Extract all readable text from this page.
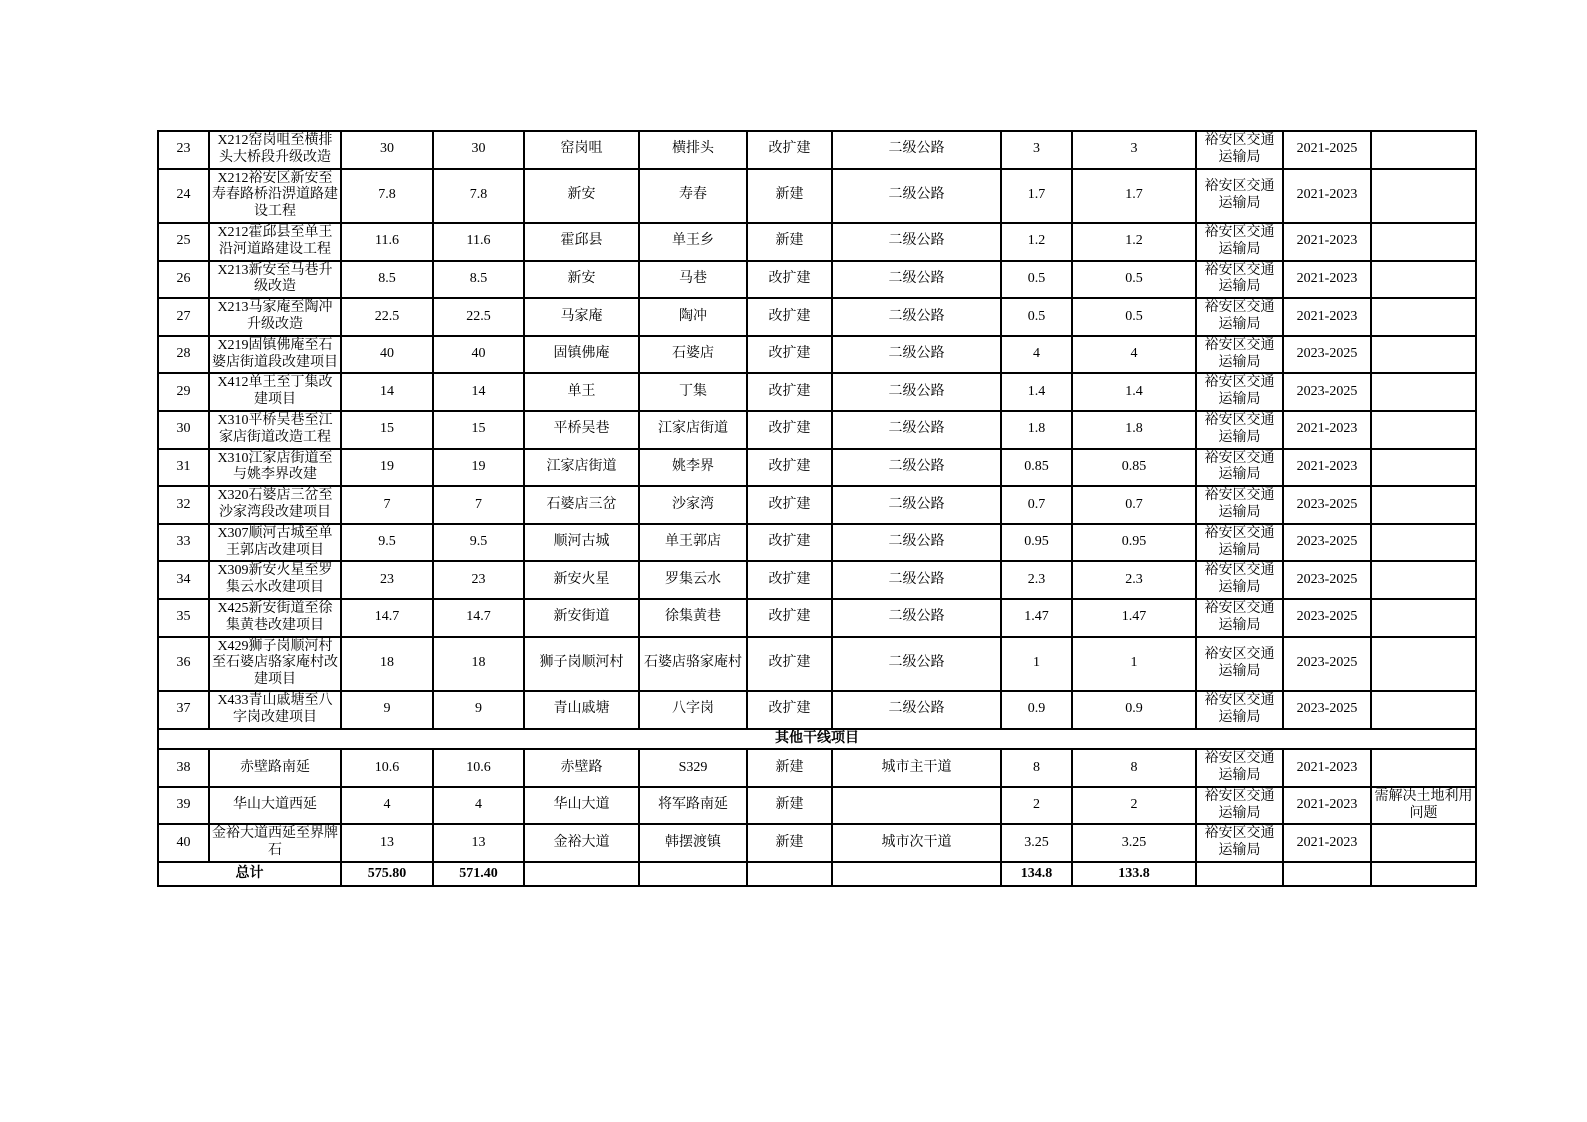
23	X212窑岗咀至横排头大桥段升级改造	30	30	窑岗咀	横排头	改扩建	二级公路	3	3	裕安区交通运输局	2021-2025	
24	X212裕安区新安至寿春路桥沿淠道路建设工程	7.8	7.8	新安	寿春	新建	二级公路	1.7	1.7	裕安区交通运输局	2021-2023	
25	X212霍邱县至单王沿河道路建设工程	11.6	11.6	霍邱县	单王乡	新建	二级公路	1.2	1.2	裕安区交通运输局	2021-2023	
26	X213新安至马巷升级改造	8.5	8.5	新安	马巷	改扩建	二级公路	0.5	0.5	裕安区交通运输局	2021-2023	
27	X213马家庵至陶冲升级改造	22.5	22.5	马家庵	陶冲	改扩建	二级公路	0.5	0.5	裕安区交通运输局	2021-2023	
28	X219固镇佛庵至石婆店街道段改建项目	40	40	固镇佛庵	石婆店	改扩建	二级公路	4	4	裕安区交通运输局	2023-2025	
29	X412单王至丁集改建项目	14	14	单王	丁集	改扩建	二级公路	1.4	1.4	裕安区交通运输局	2023-2025	
30	X310平桥吴巷至江家店街道改造工程	15	15	平桥吴巷	江家店街道	改扩建	二级公路	1.8	1.8	裕安区交通运输局	2021-2023	
31	X310江家店街道至与姚李界改建	19	19	江家店街道	姚李界	改扩建	二级公路	0.85	0.85	裕安区交通运输局	2021-2023	
32	X320石婆店三岔至沙家湾段改建项目	7	7	石婆店三岔	沙家湾	改扩建	二级公路	0.7	0.7	裕安区交通运输局	2023-2025	
33	X307顺河古城至单王郭店改建项目	9.5	9.5	顺河古城	单王郭店	改扩建	二级公路	0.95	0.95	裕安区交通运输局	2023-2025	
34	X309新安火星至罗集云水改建项目	23	23	新安火星	罗集云水	改扩建	二级公路	2.3	2.3	裕安区交通运输局	2023-2025	
35	X425新安街道至徐集黄巷改建项目	14.7	14.7	新安街道	徐集黄巷	改扩建	二级公路	1.47	1.47	裕安区交通运输局	2023-2025	
36	X429狮子岗顺河村至石婆店骆家庵村改建项目	18	18	狮子岗顺河村	石婆店骆家庵村	改扩建	二级公路	1	1	裕安区交通运输局	2023-2025	
37	X433青山戚塘至八字岗改建项目	9	9	青山戚塘	八字岗	改扩建	二级公路	0.9	0.9	裕安区交通运输局	2023-2025	
其他干线项目												
38	赤壁路南延	10.6	10.6	赤壁路	S329	新建	城市主干道	8	8	裕安区交通运输局	2021-2023	
39	华山大道西延	4	4	华山大道	将军路南延	新建		2	2	裕安区交通运输局	2021-2023	需解决土地利用问题
40	金裕大道西延至界牌石	13	13	金裕大道	韩摆渡镇	新建	城市次干道	3.25	3.25	裕安区交通运输局	2021-2023	
总计		575.80	571.40					134.8	133.8			
